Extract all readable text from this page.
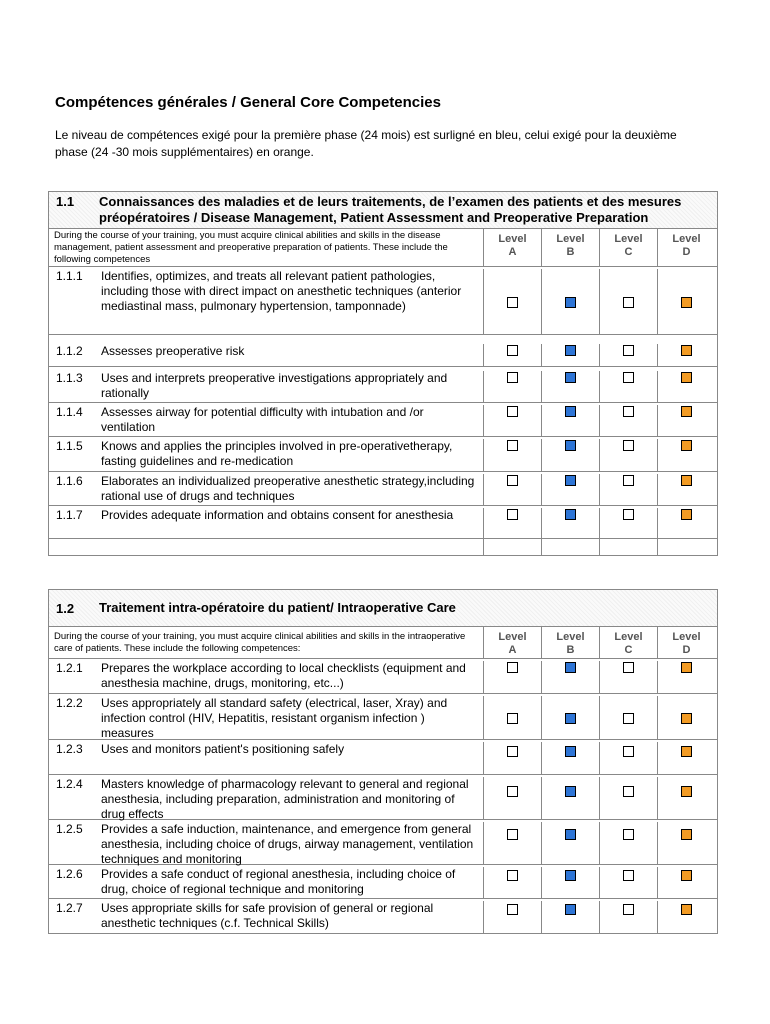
Compétences générales / General Core Competencies
Le niveau de compétences exigé pour la première phase (24 mois) est surligné en bleu, celui exigé pour la deuxième phase (24 -30 mois supplémentaires) en orange.
1.1	Connaissances des maladies et de leurs traitements, de l’examen des patients et des mesures préopératoires / Disease Management, Patient Assessment and Preoperative Preparation
During the course of your training, you must acquire clinical abilities and skills in the disease management, patient assessment and preoperative preparation of patients. These include the following competences
Level
A
Level
B
Level
C
Level
D
1.1.1	Identifies, optimizes, and treats all relevant patient pathologies, including those with direct impact on anesthetic techniques (anterior mediastinal mass, pulmonary hypertension, tamponnade)
1.1.2	Assesses preoperative risk
1.1.3	Uses and interprets preoperative investigations appropriately and rationally
1.1.4	Assesses airway for potential difficulty with intubation and /or ventilation
1.1.5	Knows and applies the principles involved in pre-operativetherapy, fasting guidelines and re-medication
1.1.6	Elaborates an individualized preoperative anesthetic strategy,including rational use of drugs and techniques
1.1.7	Provides adequate information and obtains consent for anesthesia
1.2	Traitement intra-opératoire du patient/ Intraoperative Care
During the course of your training, you must acquire clinical abilities and skills in the intraoperative care of patients. These include the following competences:
Level
A
Level
B
Level
C
Level
D
1.2.1	Prepares the workplace according to local checklists (equipment and anesthesia machine, drugs, monitoring, etc...)
1.2.2	Uses appropriately all standard safety (electrical, laser, Xray) and infection control (HIV, Hepatitis, resistant organism infection ) measures
1.2.3	Uses and monitors patient's positioning safely
1.2.4	Masters knowledge of pharmacology relevant to general and regional anesthesia, including preparation, administration and monitoring of drug effects
1.2.5	Provides a safe induction, maintenance, and emergence from general anesthesia, including choice of drugs, airway management, ventilation techniques and monitoring
1.2.6	Provides a safe conduct of regional anesthesia, including choice of drug, choice of regional technique and monitoring
1.2.7	Uses appropriate skills for safe provision of general or regional anesthetic techniques (c.f. Technical Skills)
